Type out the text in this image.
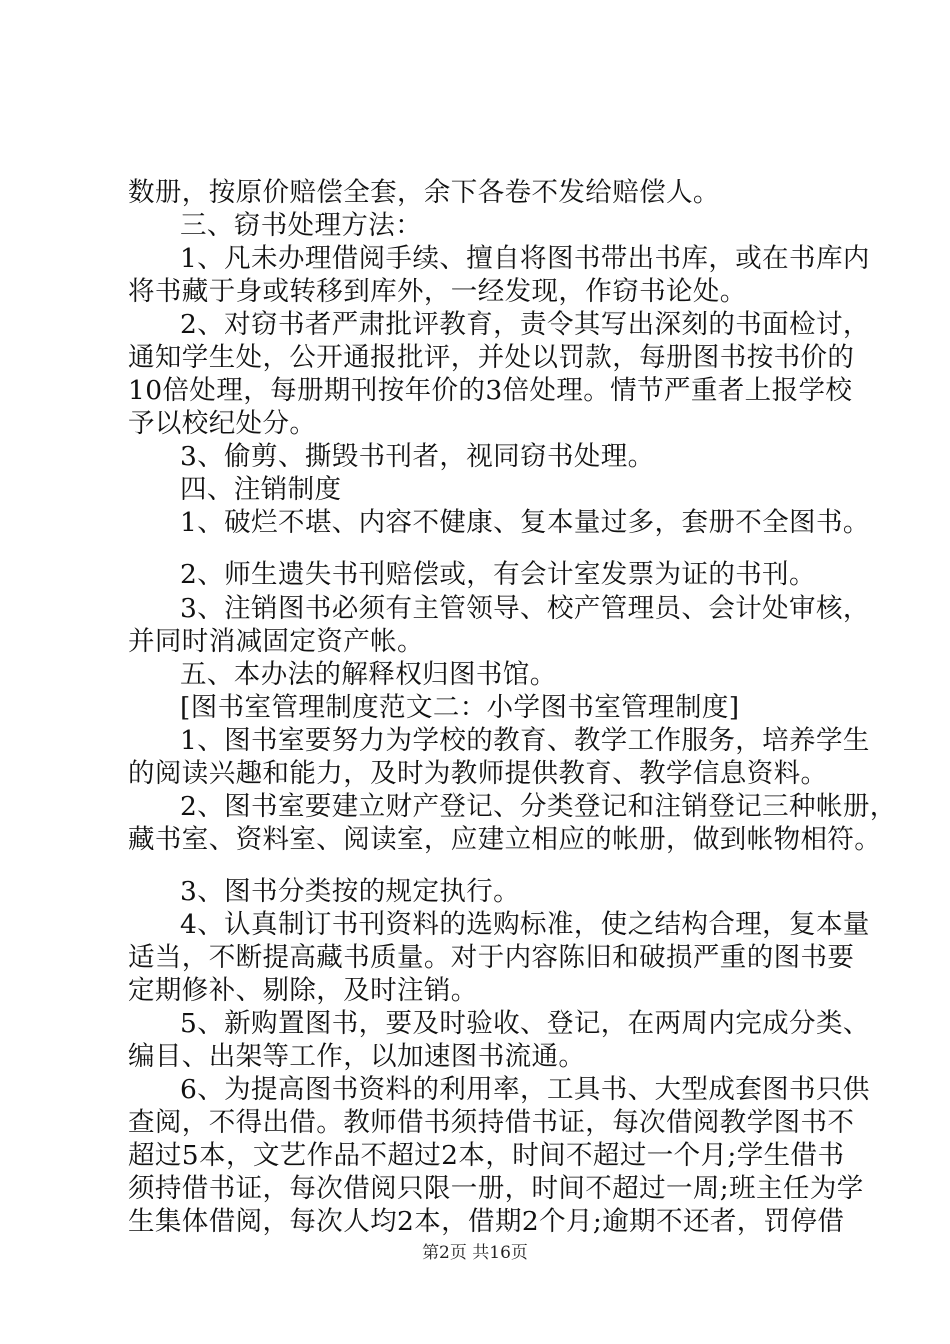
数册，按原价赔偿全套，余下各卷不发给赔偿人。

三、窃书处理方法：

1、凡未办理借阅手续、擅自将图书带出书库，或在书库内

将书藏于身或转移到库外，一经发现，作窃书论处。

2、对窃书者严肃批评教育，责令其写出深刻的书面检讨，

通知学生处，公开通报批评，并处以罚款，每册图书按书价的

10倍处理，每册期刊按年价的3倍处理。情节严重者上报学校

予以校纪处分。

3、偷剪、撕毁书刊者，视同窃书处理。

四、注销制度

1、破烂不堪、内容不健康、复本量过多，套册不全图书。

2、师生遗失书刊赔偿或，有会计室发票为证的书刊。

3、注销图书必须有主管领导、校产管理员、会计处审核，

并同时消减固定资产帐。

五、本办法的解释权归图书馆。

[图书室管理制度范文二：小学图书室管理制度]

1、图书室要努力为学校的教育、教学工作服务，培养学生

的阅读兴趣和能力，及时为教师提供教育、教学信息资料。

2、图书室要建立财产登记、分类登记和注销登记三种帐册，

藏书室、资料室、阅读室，应建立相应的帐册，做到帐物相符。

3、图书分类按的规定执行。

4、认真制订书刊资料的选购标准，使之结构合理，复本量

适当，不断提高藏书质量。对于内容陈旧和破损严重的图书要

定期修补、剔除，及时注销。

5、新购置图书，要及时验收、登记，在两周内完成分类、

编目、出架等工作，以加速图书流通。

6、为提高图书资料的利用率，工具书、大型成套图书只供

查阅，不得出借。教师借书须持借书证，每次借阅教学图书不

超过5本，文艺作品不超过2本，时间不超过一个月;学生借书

须持借书证，每次借阅只限一册，时间不超过一周;班主任为学

生集体借阅，每次人均2本，借期2个月;逾期不还者，罚停借

第2页 共16页
